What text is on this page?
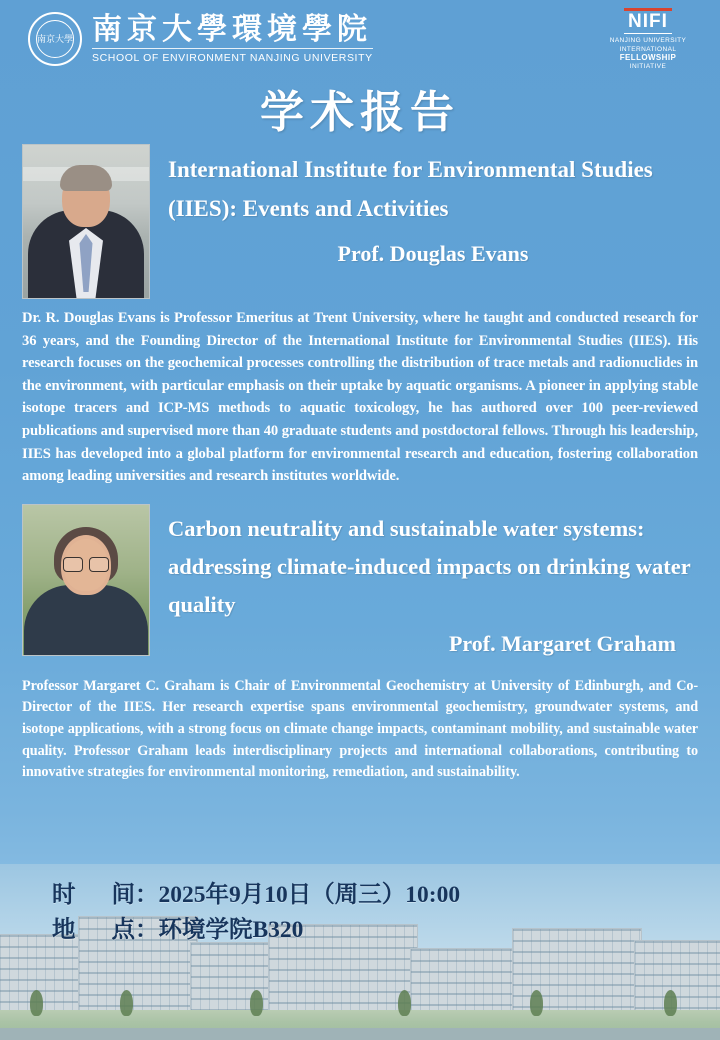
南京大學 南京大學環境學院
SCHOOL OF ENVIRONMENT NANJING UNIVERSITY
NIFI
NANJING UNIVERSITY
INTERNATIONAL
FELLOWSHIP
INITIATIVE
学术报告
International Institute for Environmental Studies (IIES): Events and Activities
Prof. Douglas Evans
Dr. R. Douglas Evans is Professor Emeritus at Trent University, where he taught and conducted research for 36 years, and the Founding Director of the International Institute for Environmental Studies (IIES). His research focuses on the geochemical processes controlling the distribution of trace metals and radionuclides in the environment, with particular emphasis on their uptake by aquatic organisms. A pioneer in applying stable isotope tracers and ICP-MS methods to aquatic toxicology, he has authored over 100 peer-reviewed publications and supervised more than 40 graduate students and postdoctoral fellows. Through his leadership, IIES has developed into a global platform for environmental research and education, fostering collaboration among leading universities and research institutes worldwide.
Carbon neutrality and sustainable water systems: addressing climate-induced impacts on drinking water quality
Prof. Margaret Graham
Professor Margaret C. Graham is Chair of Environmental Geochemistry at University of Edinburgh, and Co-Director of the IIES. Her research expertise spans environmental geochemistry, groundwater systems, and isotope applications, with a strong focus on climate change impacts, contaminant mobility, and sustainable water quality. Professor Graham leads interdisciplinary projects and international collaborations, contributing to innovative strategies for environmental monitoring, remediation, and sustainability.
时 间：2025年9月10日（周三）10:00
地 点：环境学院B320
